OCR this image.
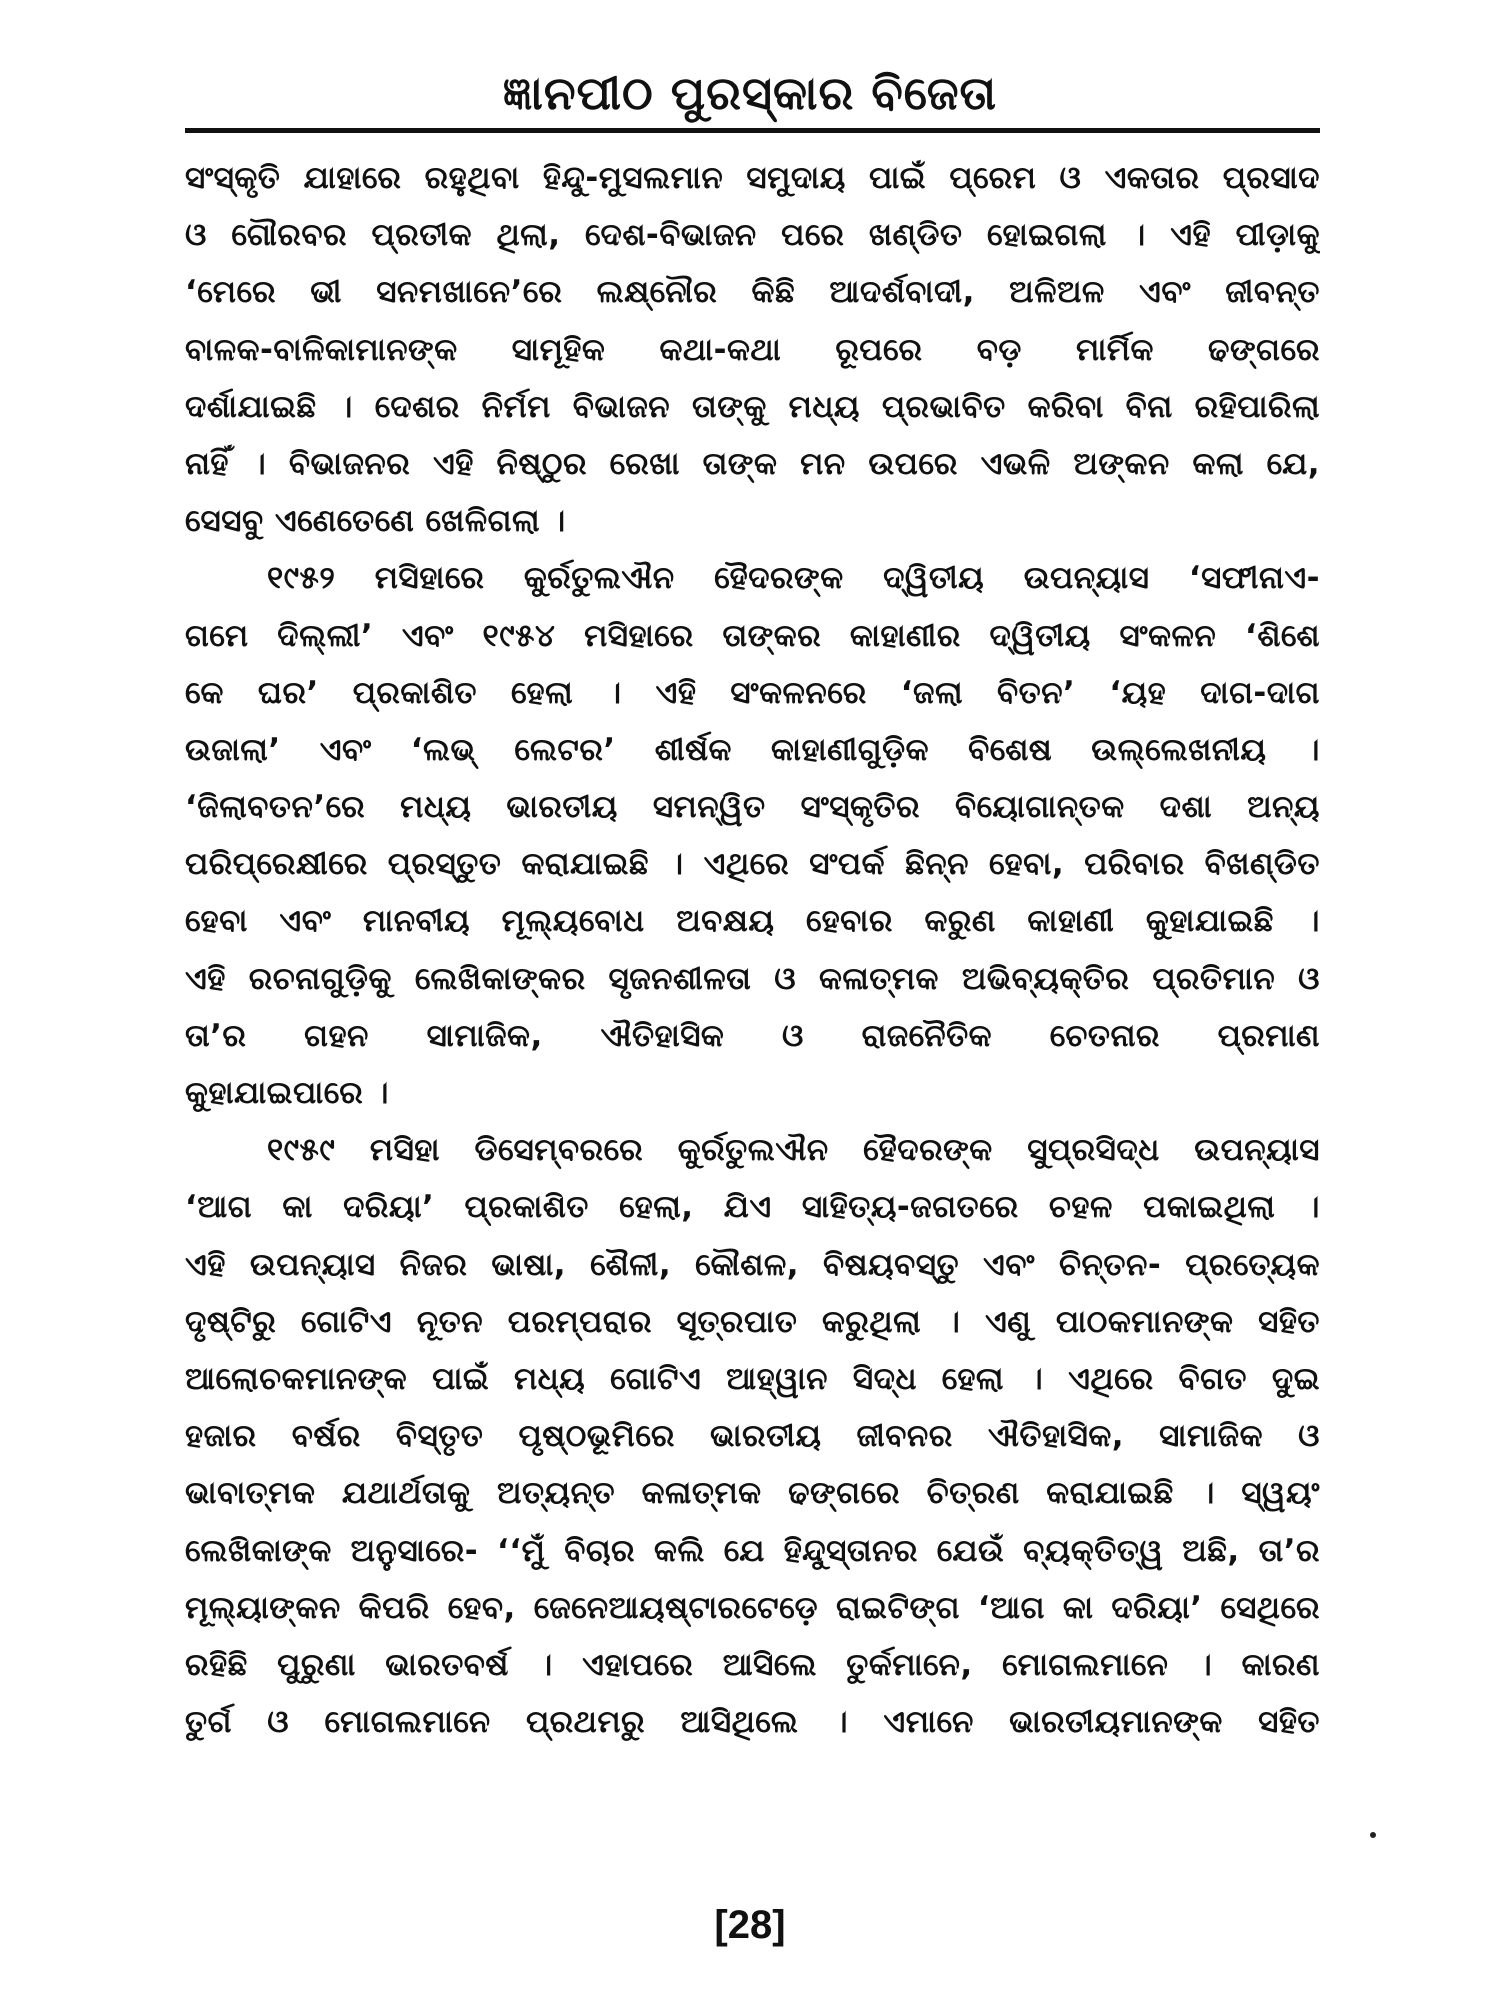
ଜ୍ଞାନପୀଠ ପୁରସ୍କାର ବିଜେତା
ସଂସ୍କୃତି ଯାହାରେ ରହୁଥିବା ହିନ୍ଦୁ-ମୁସଲମାନ ସମୁଦାୟ ପାଇଁ ପ୍ରେମ ଓ ଏକତାର ପ୍ରସାଦ
ଓ ଗୌରବର ପ୍ରତୀକ ଥିଲା, ଦେଶ-ବିଭାଜନ ପରେ ଖଣ୍ଡିତ ହୋଇଗଲା । ଏହି ପୀଡ଼ାକୁ
‘ମେରେ ଭୀ ସନମଖାନେ’ରେ ଲକ୍ଷ୍ନୌର କିଛି ଆଦର୍ଶବାଦୀ, ଅଳିଅଳ ଏବଂ ଜୀବନ୍ତ
ବାଳକ-ବାଳିକାମାନଙ୍କ ସାମୂହିକ କଥା-କଥା ରୂପରେ ବଡ଼ ମାର୍ମିକ ଢଙ୍ଗରେ
ଦର୍ଶାଯାଇଛି । ଦେଶର ନିର୍ମମ ବିଭାଜନ ତାଙ୍କୁ ମଧ୍ୟ ପ୍ରଭାବିତ କରିବା ବିନା ରହିପାରିଲା
ନାହିଁ । ବିଭାଜନର ଏହି ନିଷ୍ଠୁର ରେଖା ତାଙ୍କ ମନ ଉପରେ ଏଭଳି ଅଙ୍କନ କଲା ଯେ,
ସେସବୁ ଏଣେତେଣେ ଖେଳିଗଲା ।
୧୯୫୨ ମସିହାରେ କୁର୍ରତୁଲଐନ ହୈଦରଙ୍କ ଦ୍ୱିତୀୟ ଉପନ୍ୟାସ ‘ସଫୀନାଏ-
ଗମେ ଦିଲ୍ଲୀ’ ଏବଂ ୧୯୫୪ ମସିହାରେ ତାଙ୍କର କାହାଣୀର ଦ୍ୱିତୀୟ ସଂକଳନ ‘ଶିଶେ
କେ ଘର’ ପ୍ରକାଶିତ ହେଲା । ଏହି ସଂକଳନରେ ‘ଜଲା ବିତନ’ ‘ୟହ ଦାଗ-ଦାଗ
ଉଜାଲା’ ଏବଂ ‘ଲଭ୍ ଲେଟର’ ଶୀର୍ଷକ କାହାଣୀଗୁଡ଼ିକ ବିଶେଷ ଉଲ୍ଲେଖନୀୟ ।
‘ଜିଲାବତନ’ରେ ମଧ୍ୟ ଭାରତୀୟ ସମନ୍ୱିତ ସଂସ୍କୃତିର ବିୟୋଗାନ୍ତକ ଦଶା ଅନ୍ୟ
ପରିପ୍ରେକ୍ଷୀରେ ପ୍ରସ୍ତୁତ କରାଯାଇଛି । ଏଥିରେ ସଂପର୍କ ଛିନ୍ନ ହେବା, ପରିବାର ବିଖଣ୍ଡିତ
ହେବା ଏବଂ ମାନବୀୟ ମୂଲ୍ୟବୋଧ ଅବକ୍ଷୟ ହେବାର କରୁଣ କାହାଣୀ କୁହାଯାଇଛି ।
ଏହି ରଚନାଗୁଡ଼ିକୁ ଲେଖିକାଙ୍କର ସୃଜନଶୀଳତା ଓ କଳାତ୍ମକ ଅଭିବ୍ୟକ୍ତିର ପ୍ରତିମାନ ଓ
ତା’ର ଗହନ ସାମାଜିକ, ଐତିହାସିକ ଓ ରାଜନୈତିକ ଚେତନାର ପ୍ରମାଣ
କୁହାଯାଇପାରେ ।
୧୯୫୯ ମସିହା ଡିସେମ୍ବରରେ କୁର୍ରତୁଲଐନ ହୈଦରଙ୍କ ସୁପ୍ରସିଦ୍ଧ ଉପନ୍ୟାସ
‘ଆଗ କା ଦରିୟା’ ପ୍ରକାଶିତ ହେଲା, ଯିଏ ସାହିତ୍ୟ-ଜଗତରେ ଚହଳ ପକାଇଥିଲା ।
ଏହି ଉପନ୍ୟାସ ନିଜର ଭାଷା, ଶୈଳୀ, କୌଶଳ, ବିଷୟବସ୍ତୁ ଏବଂ ଚିନ୍ତନ- ପ୍ରତ୍ୟେକ
ଦୃଷ୍ଟିରୁ ଗୋଟିଏ ନୂତନ ପରମ୍ପରାର ସୂତ୍ରପାତ କରୁଥିଲା । ଏଣୁ ପାଠକମାନଙ୍କ ସହିତ
ଆଲୋଚକମାନଙ୍କ ପାଇଁ ମଧ୍ୟ ଗୋଟିଏ ଆହ୍ୱାନ ସିଦ୍ଧ ହେଲା । ଏଥିରେ ବିଗତ ଦୁଇ
ହଜାର ବର୍ଷର ବିସ୍ତୃତ ପୃଷ୍ଠଭୂମିରେ ଭାରତୀୟ ଜୀବନର ଐତିହାସିକ, ସାମାଜିକ ଓ
ଭାବାତ୍ମକ ଯଥାର୍ଥତାକୁ ଅତ୍ୟନ୍ତ କଳାତ୍ମକ ଢଙ୍ଗରେ ଚିତ୍ରଣ କରାଯାଇଛି । ସ୍ୱୟଂ
ଲେଖିକାଙ୍କ ଅନୁସାରେ- ‘‘ମୁଁ ବିଚାର କଲି ଯେ ହିନ୍ଦୁସ୍ତାନର ଯେଉଁ ବ୍ୟକ୍ତିତ୍ୱ ଅଛି, ତା’ର
ମୂଲ୍ୟାଙ୍କନ କିପରି ହେବ, ଜେନେଆୟଷ୍ଟାରଟେଡ଼େ ରାଇଟିଙ୍ଗ ‘ଆଗ କା ଦରିୟା’ ସେଥିରେ
ରହିଛି ପୁରୁଣା ଭାରତବର୍ଷ । ଏହାପରେ ଆସିଲେ ତୁର୍କମାନେ, ମୋଗଲମାନେ । କାରଣ
ତୁର୍ଗ ଓ ମୋଗଲମାନେ ପ୍ରଥମରୁ ଆସିଥିଲେ । ଏମାନେ ଭାରତୀୟମାନଙ୍କ ସହିତ
[28]
